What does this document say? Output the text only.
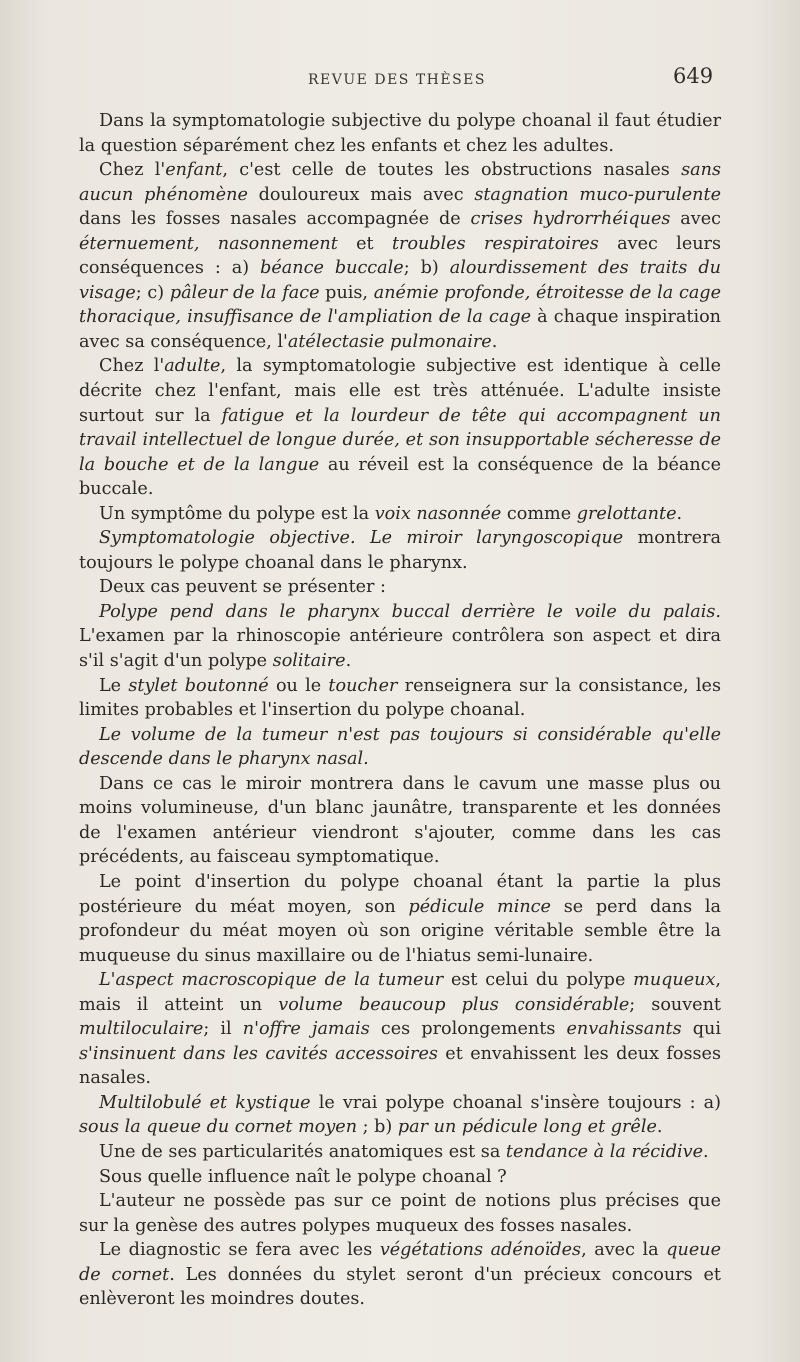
REVUE DES THÈSES	649

Dans la symptomatologie subjective du polype choanal il faut étudier la question séparément chez les enfants et chez les adultes.

Chez l'enfant, c'est celle de toutes les obstructions nasales sans aucun phénomène douloureux mais avec stagnation muco-purulente dans les fosses nasales accompagnée de crises hydrorrhéiques avec éternuement, nasonnement et troubles respiratoires avec leurs conséquences : a) béance buccale; b) alourdissement des traits du visage; c) pâleur de la face puis, anémie profonde, étroitesse de la cage thoracique, insuffisance de l'ampliation de la cage à chaque inspiration avec sa conséquence, l'atélectasie pulmonaire.

Chez l'adulte, la symptomatologie subjective est identique à celle décrite chez l'enfant, mais elle est très atténuée. L'adulte insiste surtout sur la fatigue et la lourdeur de tête qui accompagnent un travail intellectuel de longue durée, et son insupportable sécheresse de la bouche et de la langue au réveil est la conséquence de la béance buccale.

Un symptôme du polype est la voix nasonnée comme grelottante.

Symptomatologie objective. Le miroir laryngoscopique montrera toujours le polype choanal dans le pharynx.

Deux cas peuvent se présenter :

Polype pend dans le pharynx buccal derrière le voile du palais. L'examen par la rhinoscopie antérieure contrôlera son aspect et dira s'il s'agit d'un polype solitaire.

Le stylet boutonné ou le toucher renseignera sur la consistance, les limites probables et l'insertion du polype choanal.

Le volume de la tumeur n'est pas toujours si considérable qu'elle descende dans le pharynx nasal.

Dans ce cas le miroir montrera dans le cavum une masse plus ou moins volumineuse, d'un blanc jaunâtre, transparente et les données de l'examen antérieur viendront s'ajouter, comme dans les cas précédents, au faisceau symptomatique.

Le point d'insertion du polype choanal étant la partie la plus postérieure du méat moyen, son pédicule mince se perd dans la profondeur du méat moyen où son origine véritable semble être la muqueuse du sinus maxillaire ou de l'hiatus semi-lunaire.

L'aspect macroscopique de la tumeur est celui du polype muqueux, mais il atteint un volume beaucoup plus considérable; souvent multiloculaire; il n'offre jamais ces prolongements envahissants qui s'insinuent dans les cavités accessoires et envahissent les deux fosses nasales.

Multilobulé et kystique le vrai polype choanal s'insère toujours : a) sous la queue du cornet moyen ; b) par un pédicule long et grêle.

Une de ses particularités anatomiques est sa tendance à la récidive.

Sous quelle influence naît le polype choanal ?

L'auteur ne possède pas sur ce point de notions plus précises que sur la genèse des autres polypes muqueux des fosses nasales.

Le diagnostic se fera avec les végétations adénoïdes, avec la queue de cornet. Les données du stylet seront d'un précieux concours et enlèveront les moindres doutes.
